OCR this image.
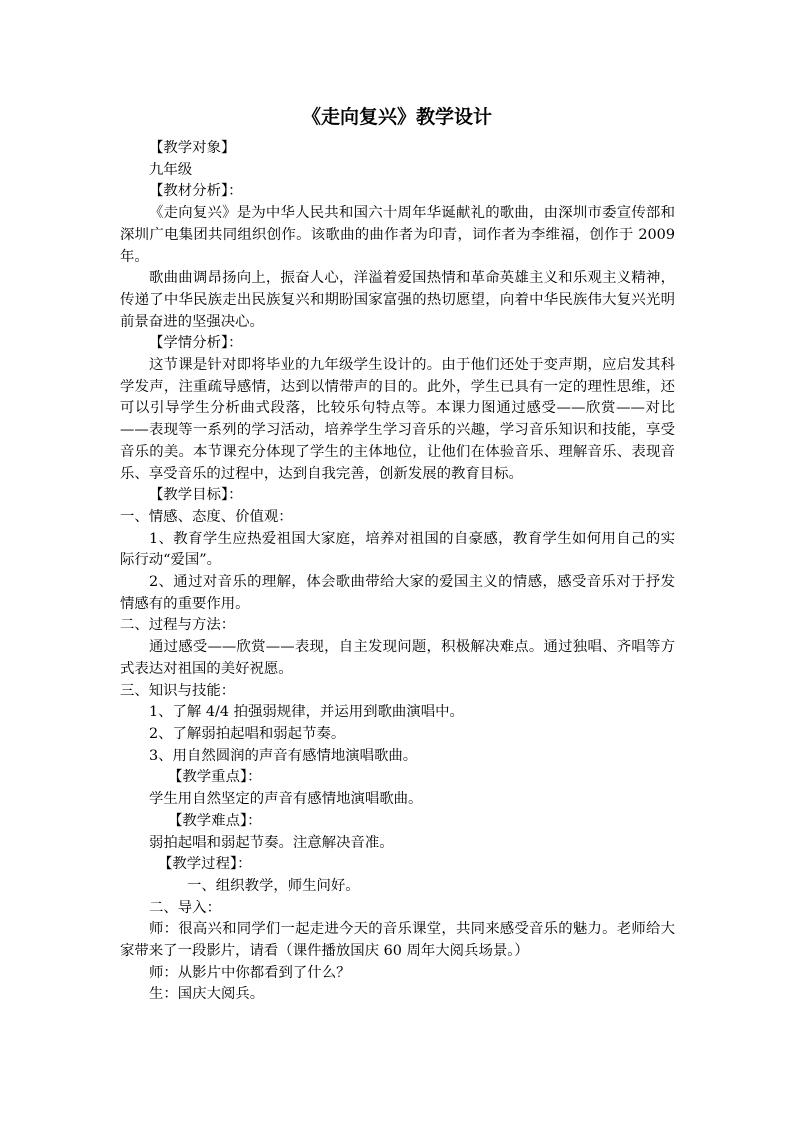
《走向复兴》教学设计

【教学对象】

九年级

【教材分析】：

《走向复兴》是为中华人民共和国六十周年华诞献礼的歌曲，由深圳市委宣传部和深圳广电集团共同组织创作。该歌曲的曲作者为印青，词作者为李维福，创作于 2009 年。

歌曲曲调昂扬向上，振奋人心，洋溢着爱国热情和革命英雄主义和乐观主义精神，传递了中华民族走出民族复兴和期盼国家富强的热切愿望，向着中华民族伟大复兴光明前景奋进的坚强决心。

【学情分析】：

这节课是针对即将毕业的九年级学生设计的。由于他们还处于变声期，应启发其科学发声，注重疏导感情，达到以情带声的目的。此外，学生已具有一定的理性思维，还可以引导学生分析曲式段落，比较乐句特点等。本课力图通过感受——欣赏——对比——表现等一系列的学习活动，培养学生学习音乐的兴趣，学习音乐知识和技能，享受音乐的美。本节课充分体现了学生的主体地位，让他们在体验音乐、理解音乐、表现音乐、享受音乐的过程中，达到自我完善，创新发展的教育目标。

【教学目标】：

一、情感、态度、价值观：

1、教育学生应热爱祖国大家庭，培养对祖国的自豪感，教育学生如何用自己的实际行动“爱国”。

2、通过对音乐的理解，体会歌曲带给大家的爱国主义的情感，感受音乐对于抒发情感有的重要作用。

二、过程与方法：

通过感受——欣赏——表现，自主发现问题，积极解决难点。通过独唱、齐唱等方式表达对祖国的美好祝愿。

三、知识与技能：

1、了解 4/4 拍强弱规律，并运用到歌曲演唱中。

2、了解弱拍起唱和弱起节奏。

3、用自然圆润的声音有感情地演唱歌曲。

【教学重点】：

学生用自然坚定的声音有感情地演唱歌曲。

【教学难点】：

弱拍起唱和弱起节奏。注意解决音准。

【教学过程】：

一、组织教学，师生问好。

二、导入：

师：很高兴和同学们一起走进今天的音乐课堂，共同来感受音乐的魅力。老师给大家带来了一段影片，请看（课件播放国庆 60 周年大阅兵场景。）

师：从影片中你都看到了什么？

生：国庆大阅兵。
